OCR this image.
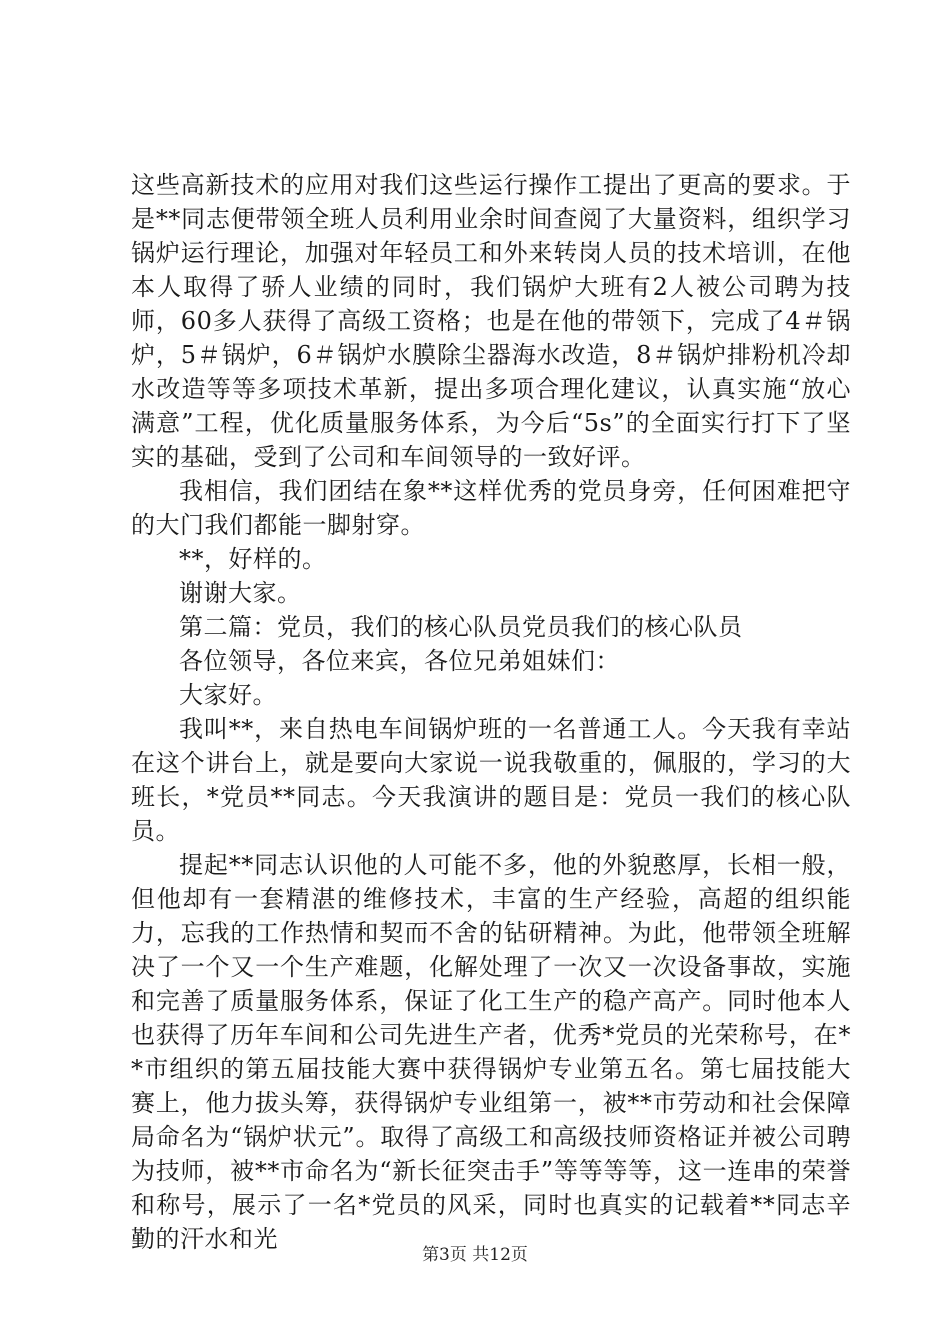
这些高新技术的应用对我们这些运行操作工提出了更高的要求。于是**同志便带领全班人员利用业余时间查阅了大量资料，组织学习锅炉运行理论，加强对年轻员工和外来转岗人员的技术培训，在他本人取得了骄人业绩的同时，我们锅炉大班有2人被公司聘为技师，60多人获得了高级工资格；也是在他的带领下，完成了4＃锅炉，5＃锅炉，6＃锅炉水膜除尘器海水改造，8＃锅炉排粉机冷却水改造等等多项技术革新，提出多项合理化建议，认真实施“放心满意”工程，优化质量服务体系，为今后“5s”的全面实行打下了坚实的基础，受到了公司和车间领导的一致好评。

我相信，我们团结在象**这样优秀的党员身旁，任何困难把守的大门我们都能一脚射穿。

**，好样的。

谢谢大家。

第二篇：党员，我们的核心队员党员我们的核心队员

各位领导，各位来宾，各位兄弟姐妹们：

大家好。

我叫**，来自热电车间锅炉班的一名普通工人。今天我有幸站在这个讲台上，就是要向大家说一说我敬重的，佩服的，学习的大班长，*党员**同志。今天我演讲的题目是：党员一我们的核心队员。

提起**同志认识他的人可能不多，他的外貌憨厚，长相一般，但他却有一套精湛的维修技术，丰富的生产经验，高超的组织能力，忘我的工作热情和契而不舍的钻研精神。为此，他带领全班解决了一个又一个生产难题，化解处理了一次又一次设备事故，实施和完善了质量服务体系，保证了化工生产的稳产高产。同时他本人也获得了历年车间和公司先进生产者，优秀*党员的光荣称号，在**市组织的第五届技能大赛中获得锅炉专业第五名。第七届技能大赛上，他力拔头筹，获得锅炉专业组第一，被**市劳动和社会保障局命名为“锅炉状元”。取得了高级工和高级技师资格证并被公司聘为技师，被**市命名为“新长征突击手”等等等等，这一连串的荣誉和称号，展示了一名*党员的风采，同时也真实的记载着**同志辛勤的汗水和光

第3页 共12页
